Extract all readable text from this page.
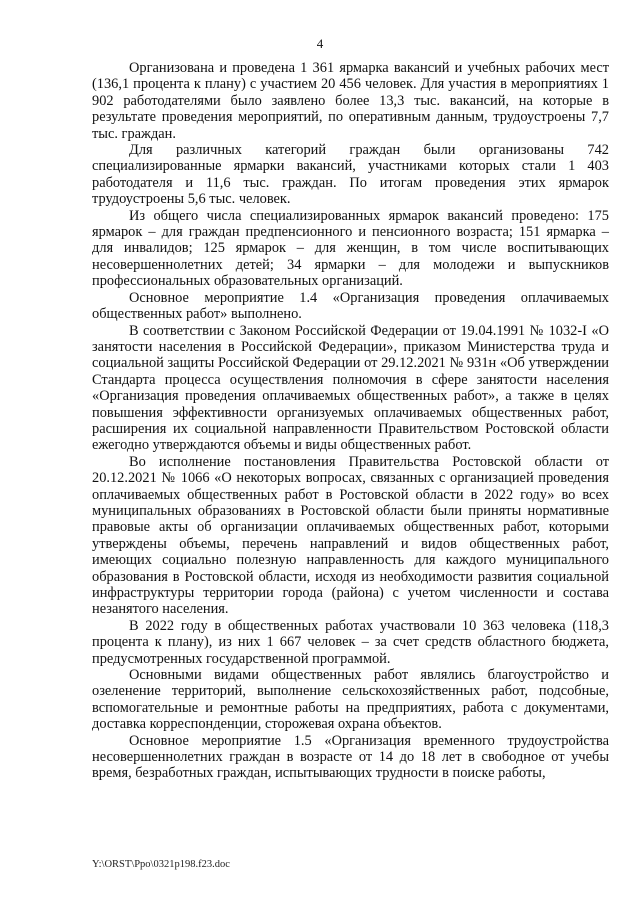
4

Организована и проведена 1 361 ярмарка вакансий и учебных рабочих мест (136,1 процента к плану) с участием 20 456 человек. Для участия в мероприятиях 1 902 работодателями было заявлено более 13,3 тыс. вакансий, на которые в результате проведения мероприятий, по оперативным данным, трудоустроены 7,7 тыс. граждан.

Для различных категорий граждан были организованы 742 специализированные ярмарки вакансий, участниками которых стали 1 403 работодателя и 11,6 тыс. граждан. По итогам проведения этих ярмарок трудоустроены 5,6 тыс. человек.

Из общего числа специализированных ярмарок вакансий проведено: 175 ярмарок – для граждан предпенсионного и пенсионного возраста; 151 ярмарка – для инвалидов; 125 ярмарок – для женщин, в том числе воспитывающих несовершеннолетних детей; 34 ярмарки – для молодежи и выпускников профессиональных образовательных организаций.

Основное мероприятие 1.4 «Организация проведения оплачиваемых общественных работ» выполнено.

В соответствии с Законом Российской Федерации от 19.04.1991 № 1032-I «О занятости населения в Российской Федерации», приказом Министерства труда и социальной защиты Российской Федерации от 29.12.2021 № 931н «Об утверждении Стандарта процесса осуществления полномочия в сфере занятости населения «Организация проведения оплачиваемых общественных работ», а также в целях повышения эффективности организуемых оплачиваемых общественных работ, расширения их социальной направленности Правительством Ростовской области ежегодно утверждаются объемы и виды общественных работ.

Во исполнение постановления Правительства Ростовской области от 20.12.2021 № 1066 «О некоторых вопросах, связанных с организацией проведения оплачиваемых общественных работ в Ростовской области в 2022 году» во всех муниципальных образованиях в Ростовской области были приняты нормативные правовые акты об организации оплачиваемых общественных работ, которыми утверждены объемы, перечень направлений и видов общественных работ, имеющих социально полезную направленность для каждого муниципального образования в Ростовской области, исходя из необходимости развития социальной инфраструктуры территории города (района) с учетом численности и состава незанятого населения.

В 2022 году в общественных работах участвовали 10 363 человека (118,3 процента к плану), из них 1 667 человек – за счет средств областного бюджета, предусмотренных государственной программой.

Основными видами общественных работ являлись благоустройство и озеленение территорий, выполнение сельскохозяйственных работ, подсобные, вспомогательные и ремонтные работы на предприятиях, работа с документами, доставка корреспонденции, сторожевая охрана объектов.

Основное мероприятие 1.5 «Организация временного трудоустройства несовершеннолетних граждан в возрасте от 14 до 18 лет в свободное от учебы время, безработных граждан, испытывающих трудности в поиске работы,

Y:\ORST\Ppo\0321p198.f23.doc
